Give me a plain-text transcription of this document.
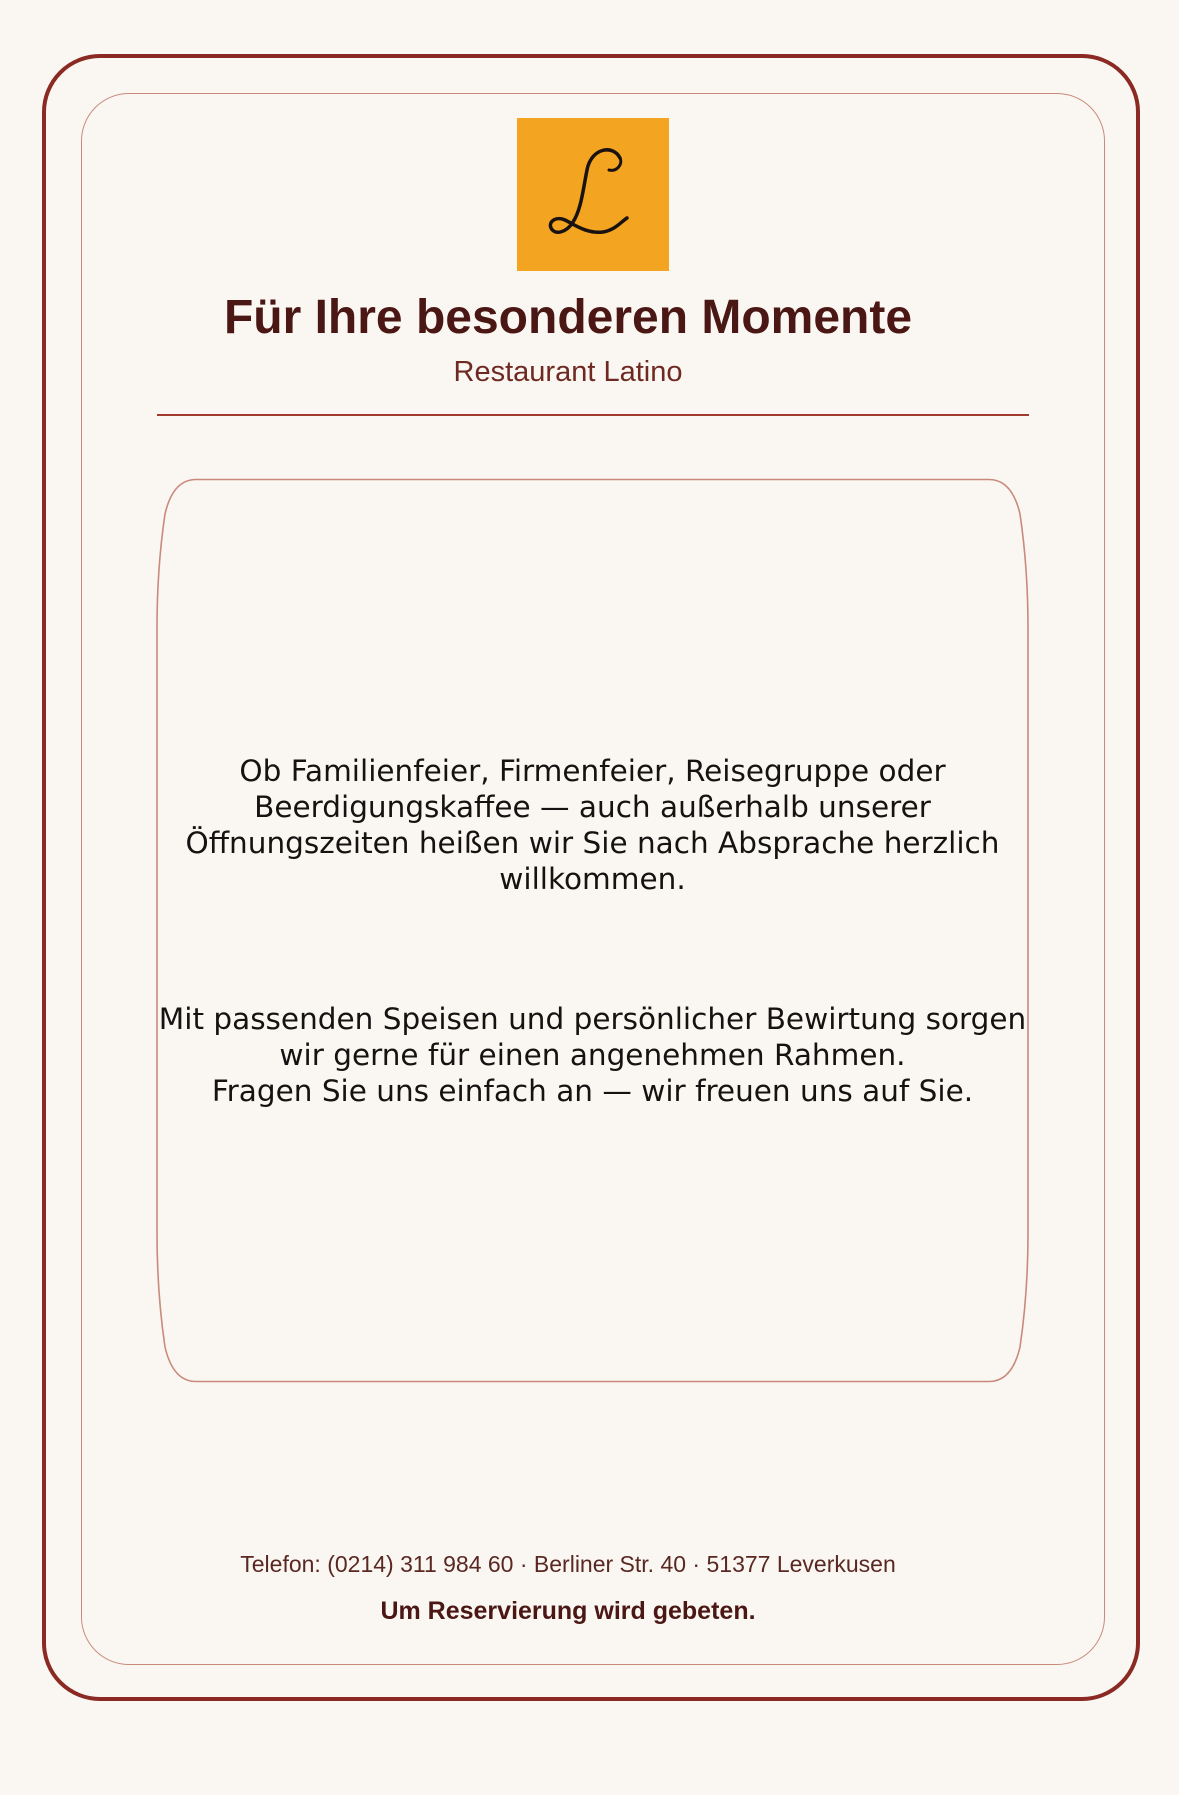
Für Ihre besonderen Momente
Restaurant Latino

Ob Familienfeier, Firmenfeier, Reisegruppe oder
Beerdigungskaffee — auch außerhalb unserer
Öffnungszeiten heißen wir Sie nach Absprache herzlich
willkommen.

Mit passenden Speisen und persönlicher Bewirtung sorgen
wir gerne für einen angenehmen Rahmen.
Fragen Sie uns einfach an — wir freuen uns auf Sie.

Telefon: (0214) 311 984 60 · Berliner Str. 40 · 51377 Leverkusen
Um Reservierung wird gebeten.
